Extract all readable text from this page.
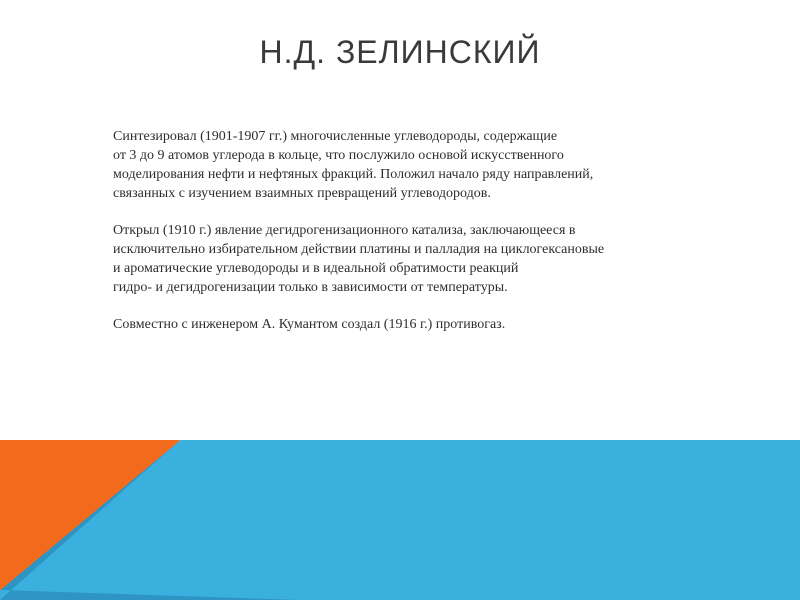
Н.Д. ЗЕЛИНСКИЙ

Синтезировал (1901-1907 гг.) многочисленные углеводороды, содержащие
от 3 до 9 атомов углерода в кольце, что послужило основой искусственного
моделирования нефти и нефтяных фракций. Положил начало ряду направлений,
связанных с изучением взаимных превращений углеводородов.

Открыл (1910 г.) явление дегидрогенизационного катализа, заключающееся в
исключительно избирательном действии платины и палладия на циклогексановые
и ароматические углеводороды и в идеальной обратимости реакций
гидро- и дегидрогенизации только в зависимости от температуры.

Совместно с инженером А. Кумантом создал (1916 г.) противогаз.
